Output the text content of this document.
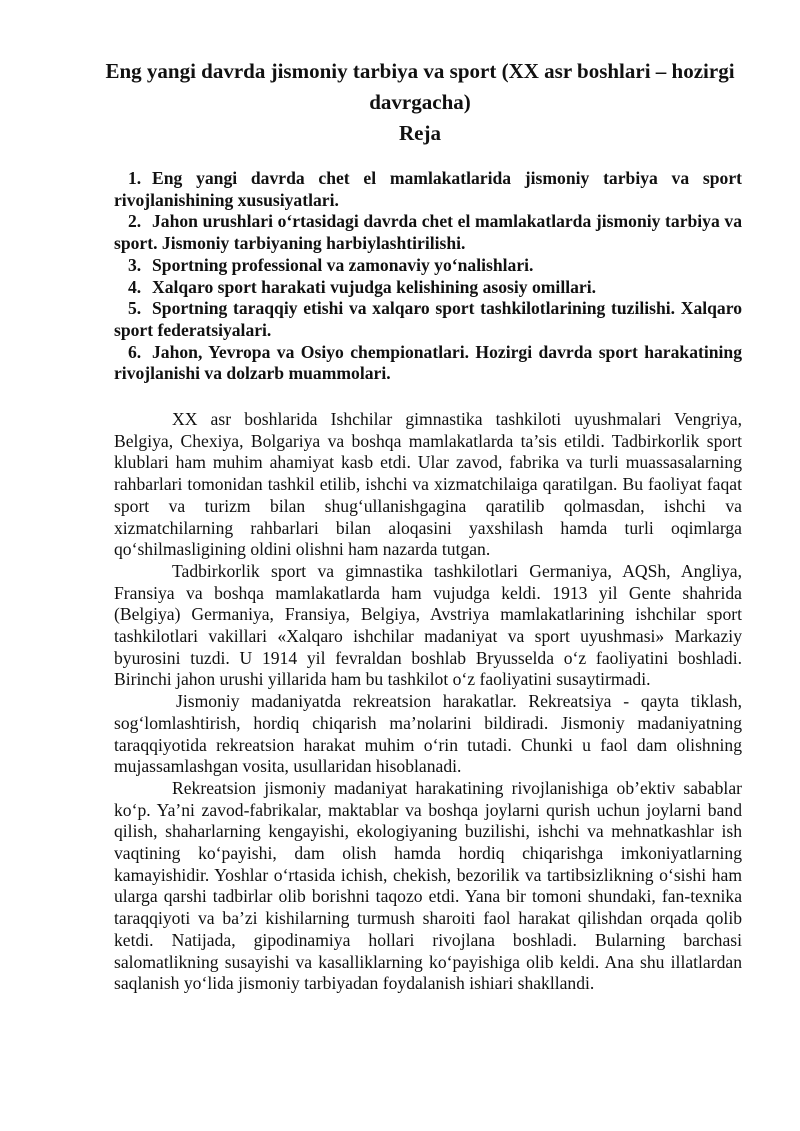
Eng yangi davrda jismoniy tarbiya va sport (XX asr boshlari – hozirgi davrgacha)

Reja

1. Eng yangi davrda chet el mamlakatlarida jismoniy tarbiya va sport rivojlanishining xususiyatlari.
2. Jahon urushlari o‘rtasidagi davrda chet el mamlakatlarda jismoniy tarbiya va sport. Jismoniy tarbiyaning harbiylashtirilishi.
3. Sportning professional va zamonaviy yo‘nalishlari.
4. Xalqaro sport harakati vujudga kelishining asosiy omillari.
5. Sportning taraqqiy etishi va xalqaro sport tashkilotlarining tuzilishi. Xalqaro sport federatsiyalari.
6. Jahon, Yevropa va Osiyo chempionatlari. Hozirgi davrda sport harakatining rivojlanishi va dolzarb muammolari.

XX asr boshlarida Ishchilar gimnastika tashkiloti uyushmalari Vengriya, Belgiya, Chexiya, Bolgariya va boshqa mamlakatlarda ta’sis etildi. Tadbirkorlik sport klublari ham muhim ahamiyat kasb etdi. Ular zavod, fabrika va turli muassasalarning rahbarlari tomonidan tashkil etilib, ishchi va xizmatchilaiga qaratilgan. Bu faoliyat faqat sport va turizm bilan shug‘ullanishgagina qaratilib qolmasdan, ishchi va xizmatchilarning rahbarlari bilan aloqasini yaxshilash hamda turli oqimlarga qo‘shilmasligining oldini olishni ham nazarda tutgan.

Tadbirkorlik sport va gimnastika tashkilotlari Germaniya, AQSh, Angliya, Fransiya va boshqa mamlakatlarda ham vujudga keldi. 1913 yil Gente shahrida (Belgiya) Germaniya, Fransiya, Belgiya, Avstriya mamlakatlarining ishchilar sport tashkilotlari vakillari «Xalqaro ishchilar madaniyat va sport uyushmasi» Markaziy byurosini tuzdi. U 1914 yil fevraldan boshlab Bryusselda o‘z faoliyatini boshladi. Birinchi jahon urushi yillarida ham bu tashkilot o‘z faoliyatini susaytirmadi.

Jismoniy madaniyatda rekreatsion harakatlar. Rekreatsiya - qayta tiklash, sog‘lomlashtirish, hordiq chiqarish ma’nolarini bildiradi. Jismoniy madaniyatning taraqqiyotida rekreatsion harakat muhim o‘rin tutadi. Chunki u faol dam olishning mujassamlashgan vosita, usullaridan hisoblanadi.

Rekreatsion jismoniy madaniyat harakatining rivojlanishiga ob’ektiv sabablar ko‘p. Ya’ni zavod-fabrikalar, maktablar va boshqa joylarni qurish uchun joylarni band qilish, shaharlarning kengayishi, ekologiyaning buzilishi, ishchi va mehnatkashlar ish vaqtining ko‘payishi, dam olish hamda hordiq chiqarishga imkoniyatlarning kamayishidir. Yoshlar o‘rtasida ichish, chekish, bezorilik va tartibsizlikning o‘sishi ham ularga qarshi tadbirlar olib borishni taqozo etdi. Yana bir tomoni shundaki, fan-texnika taraqqiyoti va ba’zi kishilarning turmush sharoiti faol harakat qilishdan orqada qolib ketdi. Natijada, gipodinamiya hollari rivojlana boshladi. Bularning barchasi salomatlikning susayishi va kasalliklarning ko‘payishiga olib keldi. Ana shu illatlardan saqlanish yo‘lida jismoniy tarbiyadan foydalanish ishiari shakllandi.
